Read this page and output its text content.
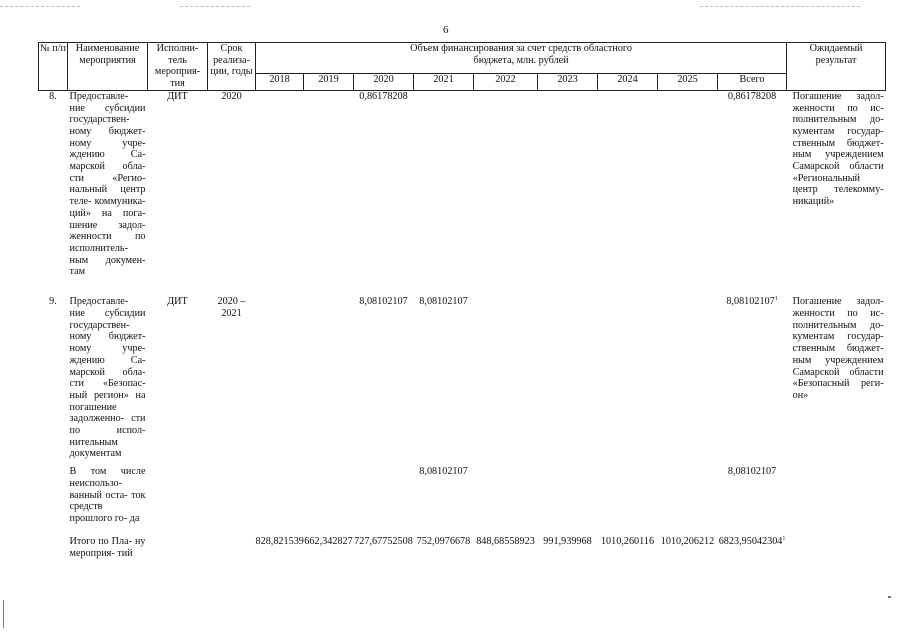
6
№ п/п	Наименование мероприятия	Исполни- тель мероприя- тия	Срок реализа- ции, годы	Объем финансирования за счет средств областного бюджета, млн. рублей									Ожидаемый результат
				2018	2019	2020	2021	2022	2023	2024	2025	Всего	
8.	Предоставле- ние субсидии государствен- ному бюджет- ному учре- ждению Са- марской обла- сти «Регио- нальный центр теле- коммуника- ций» на пога- шение задол- женности по исполнитель- ным докумен- там	ДИТ	2020			0,86178208						0,86178208	Погашение задол- женности по ис- полнительным до- кументам государ- ственным бюджет- ным учреждением Самарской области «Региональный центр телекомму- никаций»
9.	Предоставле- ние субсидии государствен- ному бюджет- ному учре- ждению Са- марской обла- сти «Безопас- ный регион» на погашение задолженно- сти по испол- нительным документам	ДИТ	2020 – 2021			8,08102107	8,08102107					8,08102107$^1$	Погашение задол- женности по ис- полнительным до- кументам государ- ственным бюджет- ным учреждением Самарской области «Безопасный реги- он»
	В том числе неиспользо- ванный оста- ток средств прошлого го- да						8,08102107					8,08102107	
	Итого по Пла- ну мероприя- тий			828,821539	662,342827	727,67752508	752,0976678	848,68558923	991,939968	1010,260116	1010,206212	6823,95042304$^1$	
